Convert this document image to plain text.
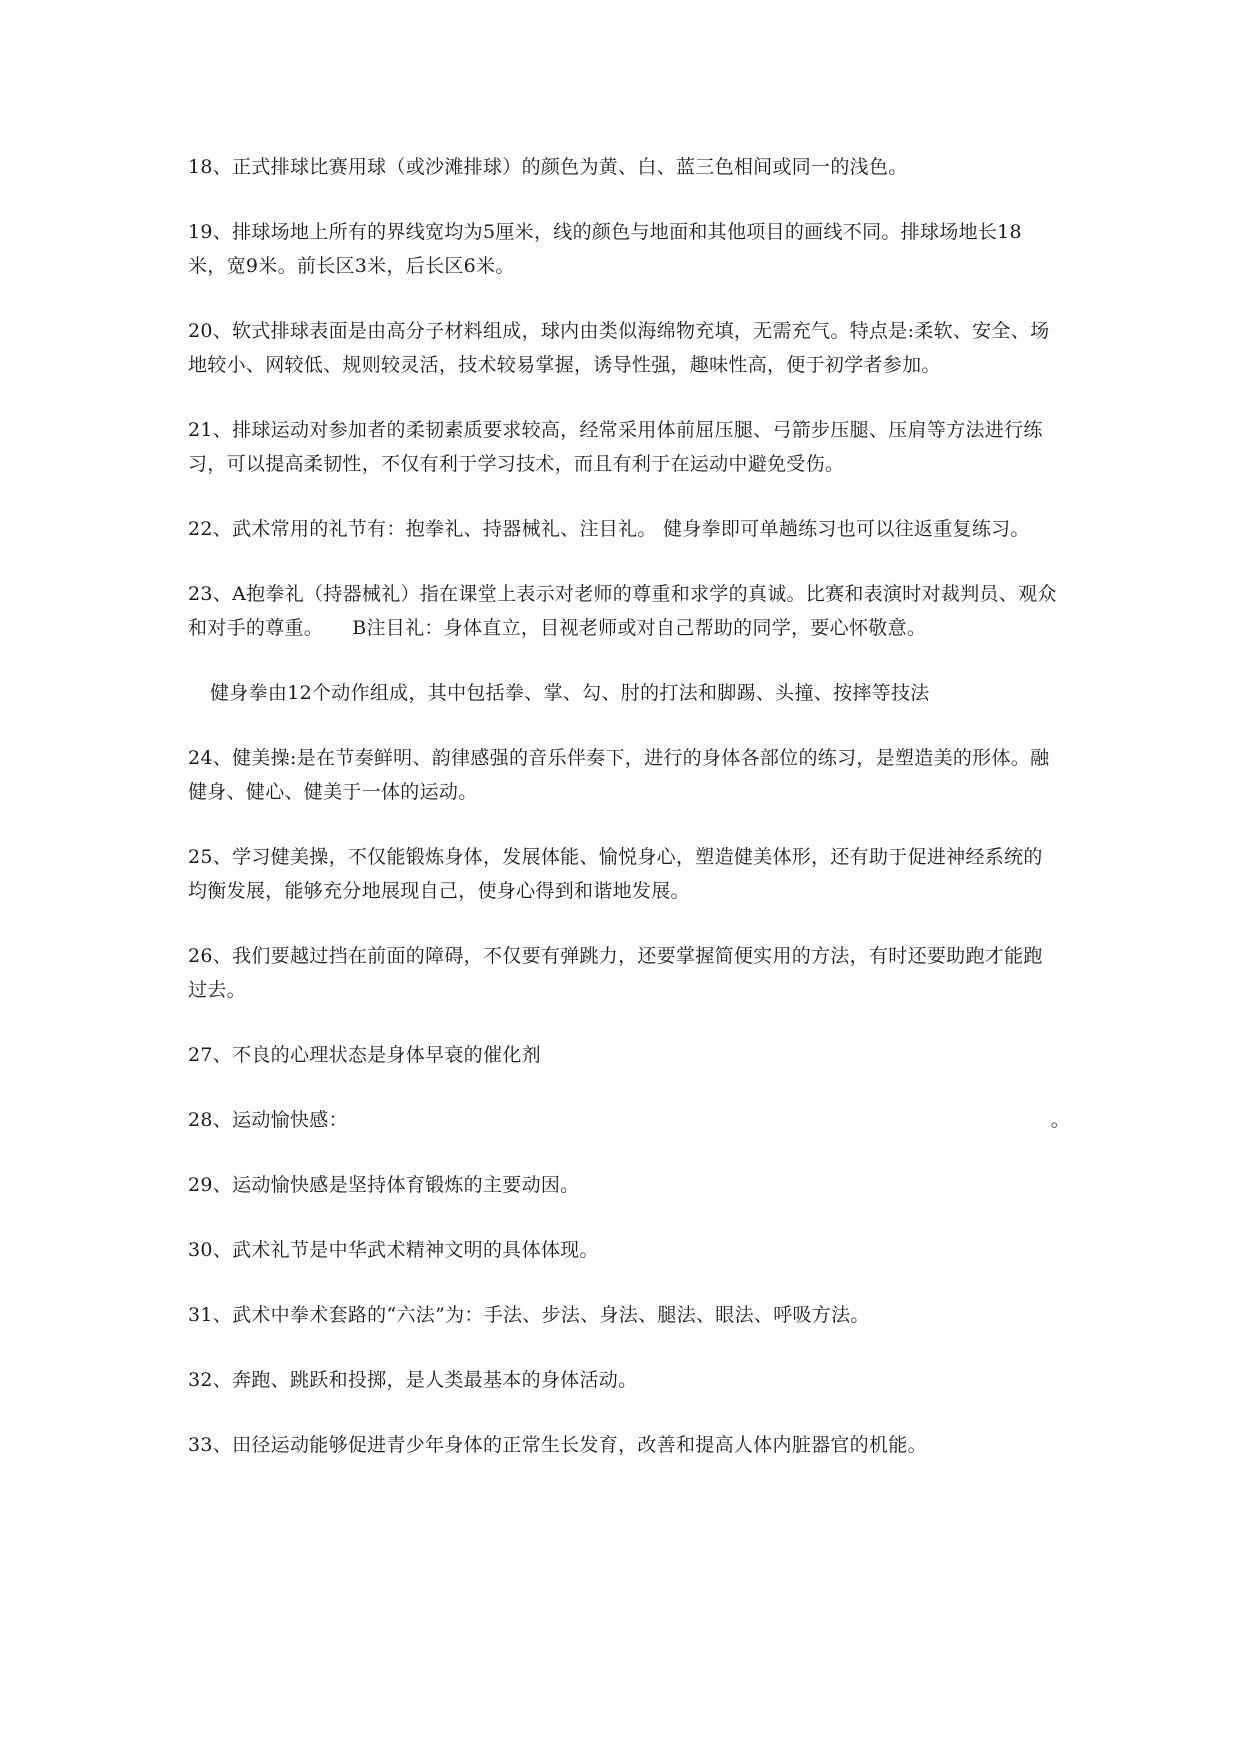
18、正式排球比赛用球（或沙滩排球）的颜色为黄、白、蓝三色相间或同一的浅色。

19、排球场地上所有的界线宽均为5厘米，线的颜色与地面和其他项目的画线不同。排球场地长18米，宽9米。前长区3米，后长区6米。

20、软式排球表面是由高分子材料组成，球内由类似海绵物充填，无需充气。特点是:柔软、安全、场地较小、网较低、规则较灵活，技术较易掌握，诱导性强，趣味性高，便于初学者参加。

21、排球运动对参加者的柔韧素质要求较高，经常采用体前屈压腿、弓箭步压腿、压肩等方法进行练习，可以提高柔韧性，不仅有利于学习技术，而且有利于在运动中避免受伤。

22、武术常用的礼节有：抱拳礼、持器械礼、注目礼。 健身拳即可单趟练习也可以往返重复练习。

23、A抱拳礼（持器械礼）指在课堂上表示对老师的尊重和求学的真诚。比赛和表演时对裁判员、观众和对手的尊重。　　B注目礼：身体直立，目视老师或对自己帮助的同学，要心怀敬意。

健身拳由12个动作组成，其中包括拳、掌、勾、肘的打法和脚踢、头撞、按摔等技法

24、健美操:是在节奏鲜明、韵律感强的音乐伴奏下，进行的身体各部位的练习，是塑造美的形体。融健身、健心、健美于一体的运动。

25、学习健美操，不仅能锻炼身体，发展体能、愉悦身心，塑造健美体形，还有助于促进神经系统的均衡发展，能够充分地展现自己，使身心得到和谐地发展。

26、我们要越过挡在前面的障碍，不仅要有弹跳力，还要掌握简便实用的方法，有时还要助跑才能跑过去。

27、不良的心理状态是身体早衰的催化剂

28、运动愉快感：	。

29、运动愉快感是坚持体育锻炼的主要动因。

30、武术礼节是中华武术精神文明的具体体现。

31、武术中拳术套路的“六法”为：手法、步法、身法、腿法、眼法、呼吸方法。

32、奔跑、跳跃和投掷，是人类最基本的身体活动。

33、田径运动能够促进青少年身体的正常生长发育，改善和提高人体内脏器官的机能。
